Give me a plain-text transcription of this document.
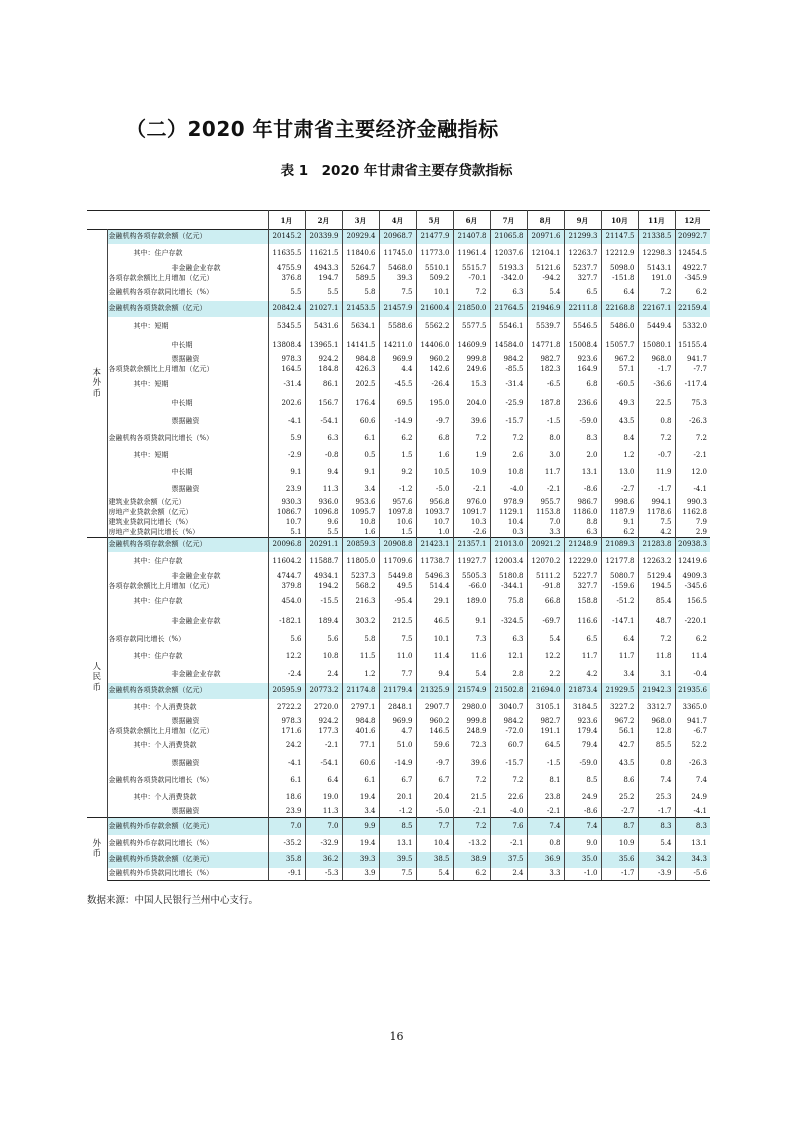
（二）2020 年甘肃省主要经济金融指标
表 1　2020 年甘肃省主要存贷款指标
		1月	2月	3月	4月	5月	6月	7月	8月	9月	10月	11月	12月
本
外
币	金融机构各项存款余额（亿元）	20145.2	20339.9	20929.4	20968.7	21477.9	21407.8	21065.8	20971.6	21299.3	21147.5	21338.5	20992.7
	其中：住户存款	11635.5	11621.5	11840.6	11745.0	11773.0	11961.4	12037.6	12104.1	12263.7	12212.9	12298.3	12454.5
	非金融企业存款	4755.9	4943.3	5264.7	5468.0	5510.1	5515.7	5193.3	5121.6	5237.7	5098.0	5143.1	4922.7
	各项存款余额比上月增加（亿元）	376.8	194.7	589.5	39.3	509.2	-70.1	-342.0	-94.2	327.7	-151.8	191.0	-345.9
	金融机构各项存款同比增长（%）	5.5	5.5	5.8	7.5	10.1	7.2	6.3	5.4	6.5	6.4	7.2	6.2
	金融机构各项贷款余额（亿元）	20842.4	21027.1	21453.5	21457.9	21600.4	21850.0	21764.5	21946.9	22111.8	22168.8	22167.1	22159.4
	其中：短期	5345.5	5431.6	5634.1	5588.6	5562.2	5577.5	5546.1	5539.7	5546.5	5486.0	5449.4	5332.0
	中长期	13808.4	13965.1	14141.5	14211.0	14406.0	14609.9	14584.0	14771.8	15008.4	15057.7	15080.1	15155.4
	票据融资	978.3	924.2	984.8	969.9	960.2	999.8	984.2	982.7	923.6	967.2	968.0	941.7
	各项贷款余额比上月增加（亿元）	164.5	184.8	426.3	4.4	142.6	249.6	-85.5	182.3	164.9	57.1	-1.7	-7.7
	其中：短期	-31.4	86.1	202.5	-45.5	-26.4	15.3	-31.4	-6.5	6.8	-60.5	-36.6	-117.4
	中长期	202.6	156.7	176.4	69.5	195.0	204.0	-25.9	187.8	236.6	49.3	22.5	75.3
	票据融资	-4.1	-54.1	60.6	-14.9	-9.7	39.6	-15.7	-1.5	-59.0	43.5	0.8	-26.3
	金融机构各项贷款同比增长（%）	5.9	6.3	6.1	6.2	6.8	7.2	7.2	8.0	8.3	8.4	7.2	7.2
	其中：短期	-2.9	-0.8	0.5	1.5	1.6	1.9	2.6	3.0	2.0	1.2	-0.7	-2.1
	中长期	9.1	9.4	9.1	9.2	10.5	10.9	10.8	11.7	13.1	13.0	11.9	12.0
	票据融资	23.9	11.3	3.4	-1.2	-5.0	-2.1	-4.0	-2.1	-8.6	-2.7	-1.7	-4.1
	建筑业贷款余额（亿元）	930.3	936.0	953.6	957.6	956.8	976.0	978.9	955.7	986.7	998.6	994.1	990.3
	房地产业贷款余额（亿元）	1086.7	1096.8	1095.7	1097.8	1093.7	1091.7	1129.1	1153.8	1186.0	1187.9	1178.6	1162.8
	建筑业贷款同比增长（%）	10.7	9.6	10.8	10.6	10.7	10.3	10.4	7.0	8.8	9.1	7.5	7.9
	房地产业贷款同比增长（%）	5.1	5.5	1.6	1.5	1.0	-2.6	0.3	3.3	6.3	6.2	4.2	2.9
人
民
币	金融机构各项存款余额（亿元）	20096.8	20291.1	20859.3	20908.8	21423.1	21357.1	21013.0	20921.2	21248.9	21089.3	21283.8	20938.3
	其中：住户存款	11604.2	11588.7	11805.0	11709.6	11738.7	11927.7	12003.4	12070.2	12229.0	12177.8	12263.2	12419.6
	非金融企业存款	4744.7	4934.1	5237.3	5449.8	5496.3	5505.3	5180.8	5111.2	5227.7	5080.7	5129.4	4909.3
	各项存款余额比上月增加（亿元）	379.8	194.2	568.2	49.5	514.4	-66.0	-344.1	-91.8	327.7	-159.6	194.5	-345.6
	其中：住户存款	454.0	-15.5	216.3	-95.4	29.1	189.0	75.8	66.8	158.8	-51.2	85.4	156.5
	非金融企业存款	-182.1	189.4	303.2	212.5	46.5	9.1	-324.5	-69.7	116.6	-147.1	48.7	-220.1
	各项存款同比增长（%）	5.6	5.6	5.8	7.5	10.1	7.3	6.3	5.4	6.5	6.4	7.2	6.2
	其中：住户存款	12.2	10.8	11.5	11.0	11.4	11.6	12.1	12.2	11.7	11.7	11.8	11.4
	非金融企业存款	-2.4	2.4	1.2	7.7	9.4	5.4	2.8	2.2	4.2	3.4	3.1	-0.4
	金融机构各项贷款余额（亿元）	20595.9	20773.2	21174.8	21179.4	21325.9	21574.9	21502.8	21694.0	21873.4	21929.5	21942.3	21935.6
	其中：个人消费贷款	2722.2	2720.0	2797.1	2848.1	2907.7	2980.0	3040.7	3105.1	3184.5	3227.2	3312.7	3365.0
	票据融资	978.3	924.2	984.8	969.9	960.2	999.8	984.2	982.7	923.6	967.2	968.0	941.7
	各项贷款余额比上月增加（亿元）	171.6	177.3	401.6	4.7	146.5	248.9	-72.0	191.1	179.4	56.1	12.8	-6.7
	其中：个人消费贷款	24.2	-2.1	77.1	51.0	59.6	72.3	60.7	64.5	79.4	42.7	85.5	52.2
	票据融资	-4.1	-54.1	60.6	-14.9	-9.7	39.6	-15.7	-1.5	-59.0	43.5	0.8	-26.3
	金融机构各项贷款同比增长（%）	6.1	6.4	6.1	6.7	6.7	7.2	7.2	8.1	8.5	8.6	7.4	7.4
	其中：个人消费贷款	18.6	19.0	19.4	20.1	20.4	21.5	22.6	23.8	24.9	25.2	25.3	24.9
	票据融资	23.9	11.3	3.4	-1.2	-5.0	-2.1	-4.0	-2.1	-8.6	-2.7	-1.7	-4.1
外
币	金融机构外币存款余额（亿美元）	7.0	7.0	9.9	8.5	7.7	7.2	7.6	7.4	7.4	8.7	8.3	8.3
	金融机构外币存款同比增长（%）	-35.2	-32.9	19.4	13.1	10.4	-13.2	-2.1	0.8	9.0	10.9	5.4	13.1
	金融机构外币贷款余额（亿美元）	35.8	36.2	39.3	39.5	38.5	38.9	37.5	36.9	35.0	35.6	34.2	34.3
	金融机构外币贷款同比增长（%）	-9.1	-5.3	3.9	7.5	5.4	6.2	2.4	3.3	-1.0	-1.7	-3.9	-5.6
数据来源：中国人民银行兰州中心支行。
16
